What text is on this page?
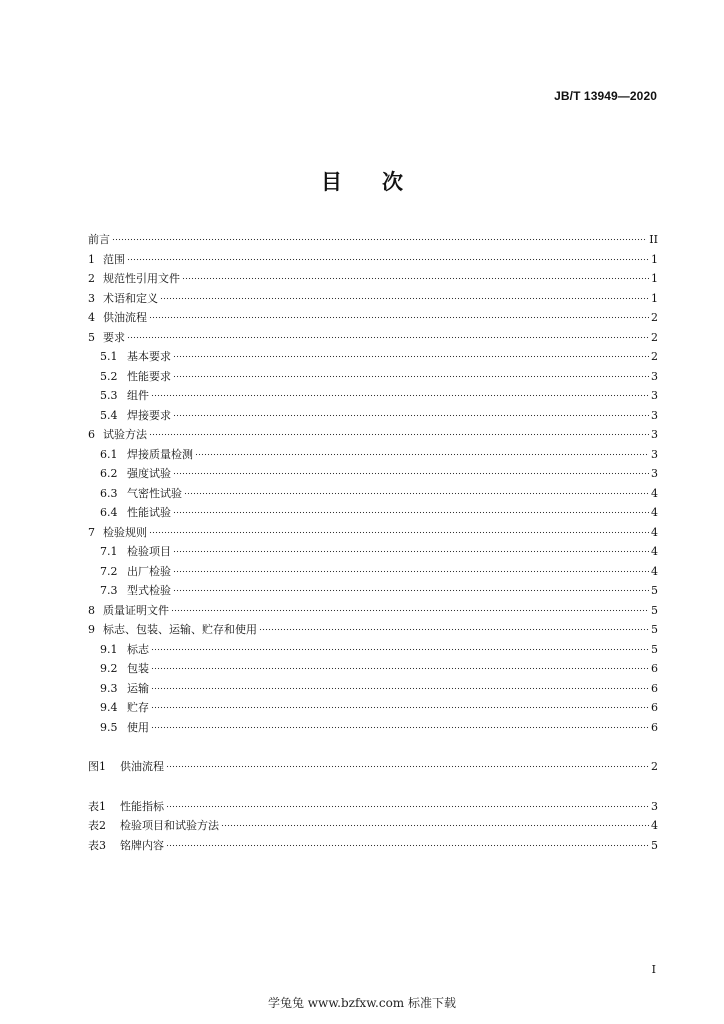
JB/T 13949—2020
目 次
前言	II
1 范围	1
2 规范性引用文件	1
3 术语和定义	1
4 供油流程	2
5 要求	2
5.1 基本要求	2
5.2 性能要求	3
5.3 组件	3
5.4 焊接要求	3
6 试验方法	3
6.1 焊接质量检测	3
6.2 强度试验	3
6.3 气密性试验	4
6.4 性能试验	4
7 检验规则	4
7.1 检验项目	4
7.2 出厂检验	4
7.3 型式检验	5
8 质量证明文件	5
9 标志、包装、运输、贮存和使用	5
9.1 标志	5
9.2 包装	6
9.3 运输	6
9.4 贮存	6
9.5 使用	6
图1	供油流程	2
表1	性能指标	3
表2	检验项目和试验方法	4
表3	铭牌内容	5
I
学兔兔 www.bzfxw.com 标准下载
